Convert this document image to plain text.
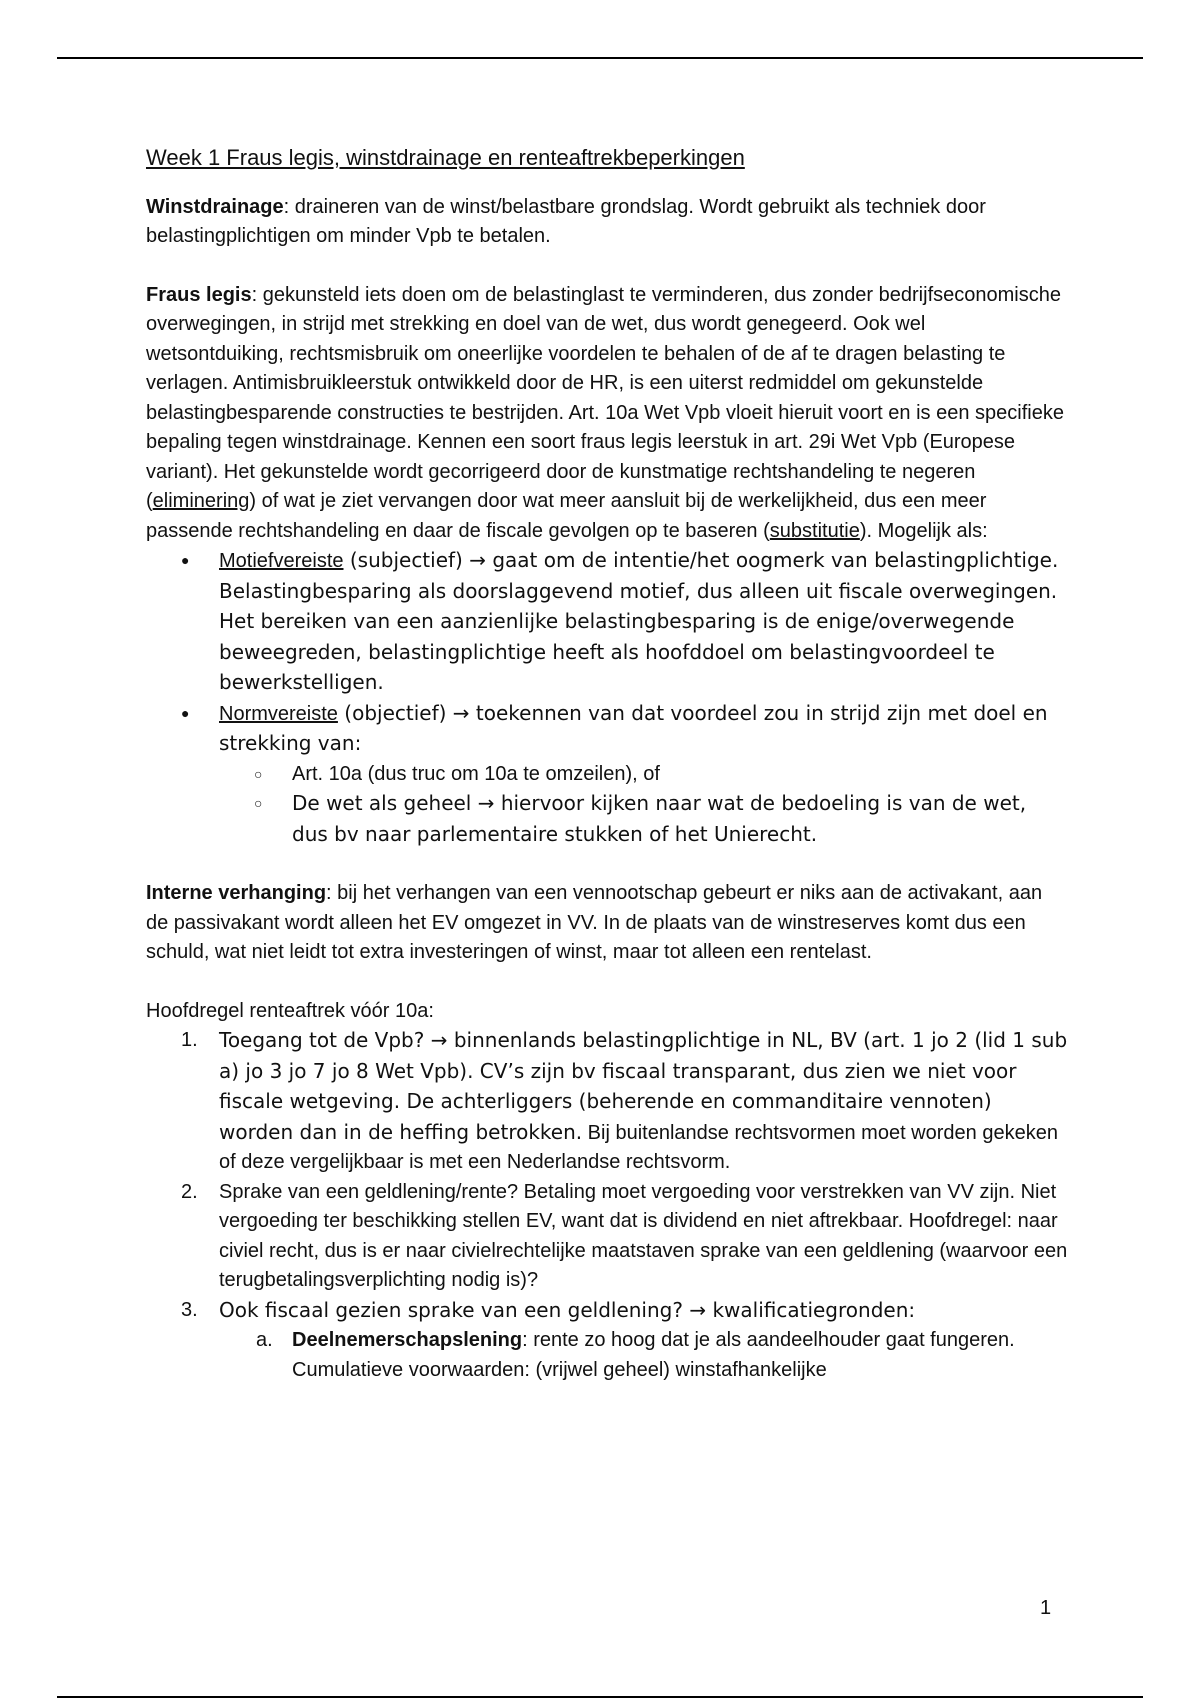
Week 1 Fraus legis, winstdrainage en renteaftrekbeperkingen

Winstdrainage: draineren van de winst/belastbare grondslag. Wordt gebruikt als techniek door belastingplichtigen om minder Vpb te betalen.

Fraus legis: gekunsteld iets doen om de belastinglast te verminderen, dus zonder bedrijfseconomische overwegingen, in strijd met strekking en doel van de wet, dus wordt genegeerd. Ook wel wetsontduiking, rechtsmisbruik om oneerlijke voordelen te behalen of de af te dragen belasting te verlagen. Antimisbruikleerstuk ontwikkeld door de HR, is een uiterst redmiddel om gekunstelde belastingbesparende constructies te bestrijden. Art. 10a Wet Vpb vloeit hieruit voort en is een specifieke bepaling tegen winstdrainage. Kennen een soort fraus legis leerstuk in art. 29i Wet Vpb (Europese variant). Het gekunstelde wordt gecorrigeerd door de kunstmatige rechtshandeling te negeren (eliminering) of wat je ziet vervangen door wat meer aansluit bij de werkelijkheid, dus een meer passende rechtshandeling en daar de fiscale gevolgen op te baseren (substitutie). Mogelijk als:

● Motiefvereiste (subjectief) → gaat om de intentie/het oogmerk van belastingplichtige. Belastingbesparing als doorslaggevend motief, dus alleen uit fiscale overwegingen. Het bereiken van een aanzienlijke belastingbesparing is de enige/overwegende beweegreden, belastingplichtige heeft als hoofddoel om belastingvoordeel te bewerkstelligen.
● Normvereiste (objectief) → toekennen van dat voordeel zou in strijd zijn met doel en strekking van:
○ Art. 10a (dus truc om 10a te omzeilen), of
○ De wet als geheel → hiervoor kijken naar wat de bedoeling is van de wet, dus bv naar parlementaire stukken of het Unierecht.

Interne verhanging: bij het verhangen van een vennootschap gebeurt er niks aan de activakant, aan de passivakant wordt alleen het EV omgezet in VV. In de plaats van de winstreserves komt dus een schuld, wat niet leidt tot extra investeringen of winst, maar tot alleen een rentelast.

Hoofdregel renteaftrek vóór 10a:

1. Toegang tot de Vpb? → binnenlands belastingplichtige in NL, BV (art. 1 jo 2 (lid 1 sub a) jo 3 jo 7 jo 8 Wet Vpb). CV’s zijn bv fiscaal transparant, dus zien we niet voor fiscale wetgeving. De achterliggers (beherende en commanditaire vennoten) worden dan in de heffing betrokken. Bij buitenlandse rechtsvormen moet worden gekeken of deze vergelijkbaar is met een Nederlandse rechtsvorm.
2. Sprake van een geldlening/rente? Betaling moet vergoeding voor verstrekken van VV zijn. Niet vergoeding ter beschikking stellen EV, want dat is dividend en niet aftrekbaar. Hoofdregel: naar civiel recht, dus is er naar civielrechtelijke maatstaven sprake van een geldlening (waarvoor een terugbetalingsverplichting nodig is)?
3. Ook fiscaal gezien sprake van een geldlening? → kwalificatiegronden:
a. Deelnemerschapslening: rente zo hoog dat je als aandeelhouder gaat fungeren. Cumulatieve voorwaarden: (vrijwel geheel) winstafhankelijke
1
